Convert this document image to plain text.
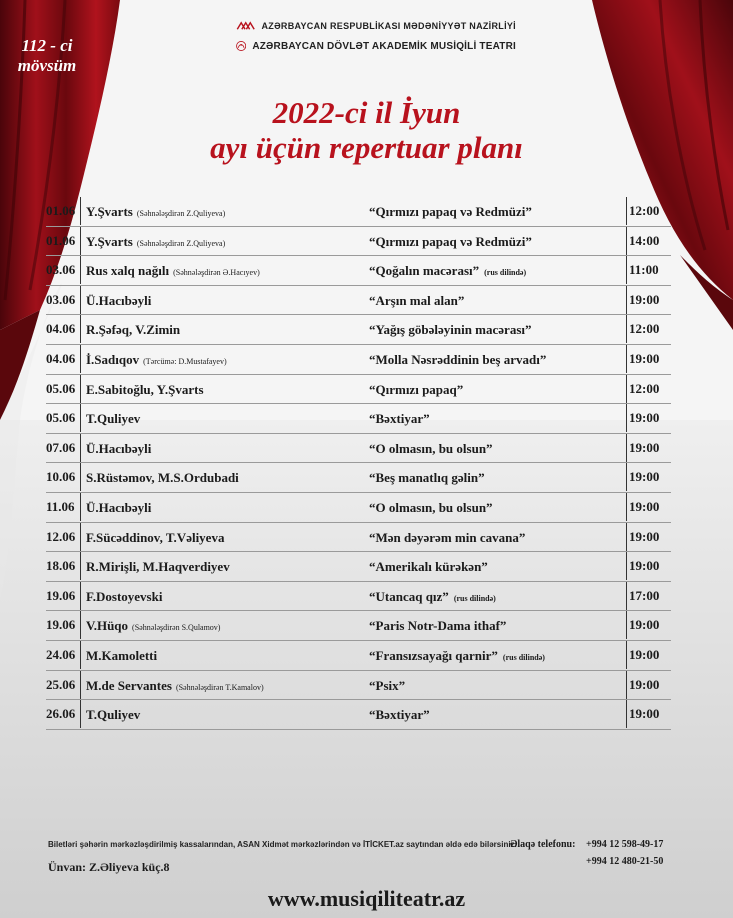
112 - ci
mövsüm
AZƏRBAYCAN RESPUBLİKASI MƏDƏNİYYƏT NAZİRLİYİ
AZƏRBAYCAN DÖVLƏT AKADEMİK MUSİQİLİ TEATRI
2022-ci il İyun
ayı üçün repertuar planı
01.06 Y.Şvarts (Səhnələşdirən Z.Quliyeva)	“Qırmızı papaq və Redmüzi”	12:00
01.06 Y.Şvarts (Səhnələşdirən Z.Quliyeva)	“Qırmızı papaq və Redmüzi”	14:00
03.06 Rus xalq nağılı (Səhnələşdirən Ə.Hacıyev)	“Qoğalın macərası” (rus dilində)	11:00
03.06 Ü.Hacıbəyli	“Arşın mal alan”	19:00
04.06 R.Şəfəq, V.Zimin	“Yağış göbələyinin macərası”	12:00
04.06 İ.Sadıqov (Tərcümə: D.Mustafayev)	“Molla Nəsrəddinin beş arvadı”	19:00
05.06 E.Sabitoğlu, Y.Şvarts	“Qırmızı papaq”	12:00
05.06 T.Quliyev	“Bəxtiyar”	19:00
07.06 Ü.Hacıbəyli	“O olmasın, bu olsun”	19:00
10.06 S.Rüstəmov, M.S.Ordubadi	“Beş manatlıq gəlin”	19:00
11.06 Ü.Hacıbəyli	“O olmasın, bu olsun”	19:00
12.06 F.Sücəddinov, T.Vəliyeva	“Mən dəyərəm min cavana”	19:00
18.06 R.Mirişli, M.Haqverdiyev	“Amerikalı kürəkən”	19:00
19.06 F.Dostoyevski	“Utancaq qız” (rus dilində)	17:00
19.06 V.Hüqo (Səhnələşdirən S.Qulamov)	“Paris Notr-Dama ithaf”	19:00
24.06 M.Kamoletti	“Fransızsayağı qarnir” (rus dilində)	19:00
25.06 M.de Servantes (Səhnələşdirən T.Kamalov)	“Psix”	19:00
26.06 T.Quliyev	“Bəxtiyar”	19:00
Biletləri şəhərin mərkəzləşdirilmiş kassalarından, ASAN Xidmət mərkəzlərindən və İTİCKET.az saytından əldə edə bilərsiniz.
Əlaqə telefonu: +994 12 598-49-17
+994 12 480-21-50
Ünvan: Z.Əliyeva küç.8
www.musiqiliteatr.az
